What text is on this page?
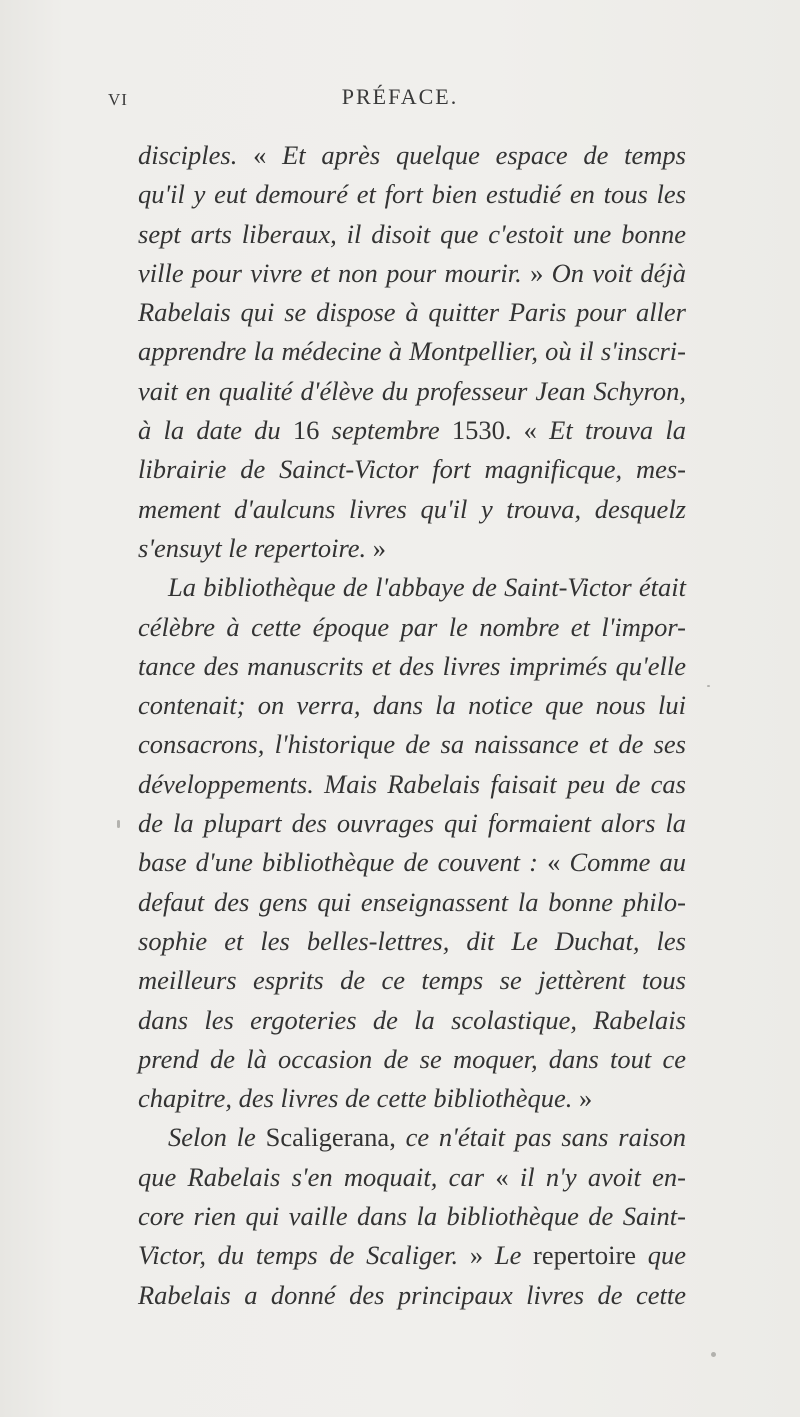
VI	PRÉFACE.
disciples. « Et après quelque espace de temps
qu'il y eut demouré et fort bien estudié en tous les
sept arts liberaux, il disoit que c'estoit une bonne
ville pour vivre et non pour mourir. » On voit déjà
Rabelais qui se dispose à quitter Paris pour aller
apprendre la médecine à Montpellier, où il s'inscri-
vait en qualité d'élève du professeur Jean Schyron,
à la date du 16 septembre 1530. « Et trouva la
librairie de Sainct-Victor fort magnificque, mes-
mement d'aulcuns livres qu'il y trouva, desquelz
s'ensuyt le repertoire. »
La bibliothèque de l'abbaye de Saint-Victor était
célèbre à cette époque par le nombre et l'impor-
tance des manuscrits et des livres imprimés qu'elle
contenait; on verra, dans la notice que nous lui
consacrons, l'historique de sa naissance et de ses
développements. Mais Rabelais faisait peu de cas
de la plupart des ouvrages qui formaient alors la
base d'une bibliothèque de couvent : « Comme au
defaut des gens qui enseignassent la bonne philo-
sophie et les belles-lettres, dit Le Duchat, les
meilleurs esprits de ce temps se jettèrent tous
dans les ergoteries de la scolastique, Rabelais
prend de là occasion de se moquer, dans tout ce
chapitre, des livres de cette bibliothèque. »
Selon le Scaligerana, ce n'était pas sans raison
que Rabelais s'en moquait, car « il n'y avoit en-
core rien qui vaille dans la bibliothèque de Saint-
Victor, du temps de Scaliger. » Le repertoire que
Rabelais a donné des principaux livres de cette
